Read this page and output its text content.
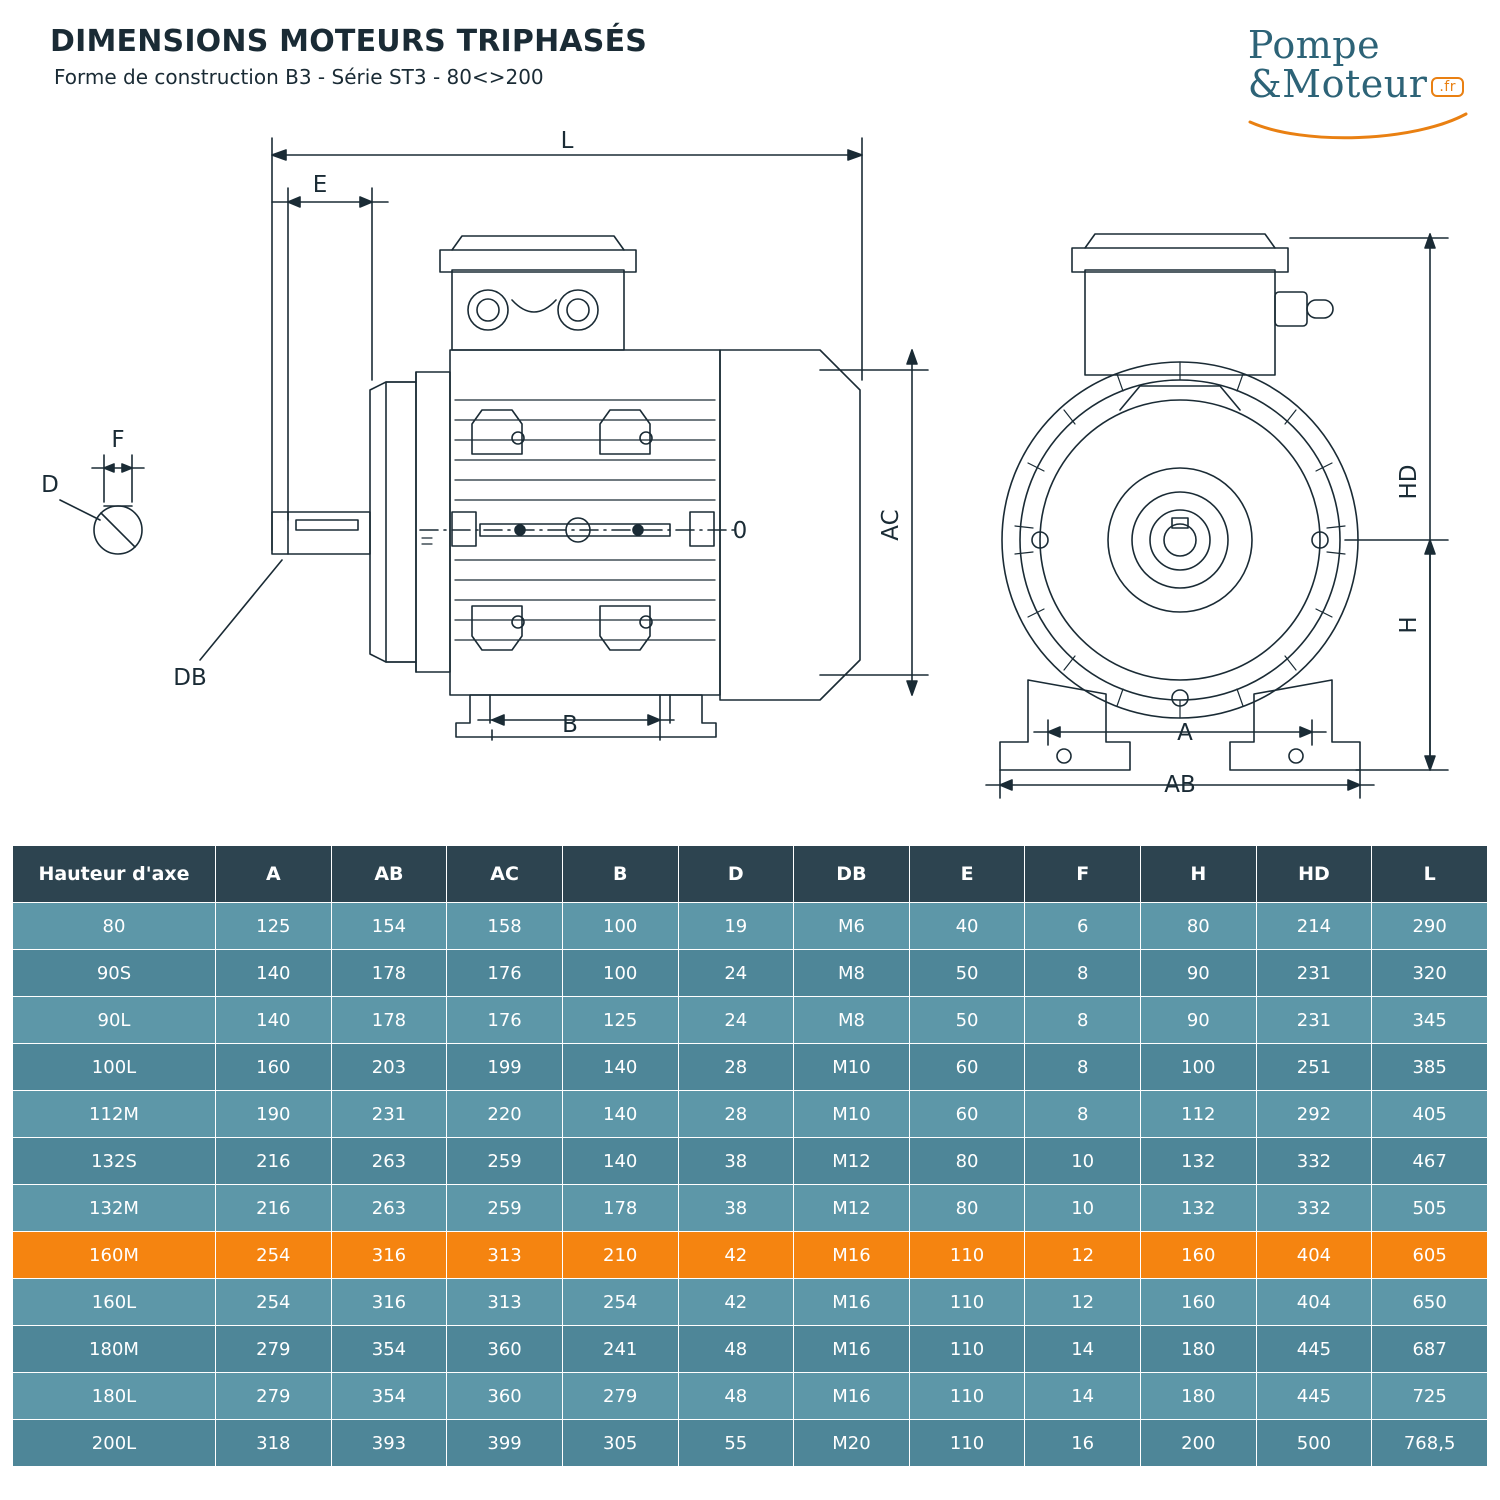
DIMENSIONS MOTEURS TRIPHASÉS
Forme de construction B3 - Série ST3 - 80<>200
Pompe
&Moteur .fr
L
E
F
D
DB
B
0
A
AB
AC
HD
H
Hauteur d'axe	A	AB	AC	B	D	DB	E	F	H	HD	L
80	125	154	158	100	19	M6	40	6	80	214	290
90S	140	178	176	100	24	M8	50	8	90	231	320
90L	140	178	176	125	24	M8	50	8	90	231	345
100L	160	203	199	140	28	M10	60	8	100	251	385
112M	190	231	220	140	28	M10	60	8	112	292	405
132S	216	263	259	140	38	M12	80	10	132	332	467
132M	216	263	259	178	38	M12	80	10	132	332	505
160M	254	316	313	210	42	M16	110	12	160	404	605
160L	254	316	313	254	42	M16	110	12	160	404	650
180M	279	354	360	241	48	M16	110	14	180	445	687
180L	279	354	360	279	48	M16	110	14	180	445	725
200L	318	393	399	305	55	M20	110	16	200	500	768,5
